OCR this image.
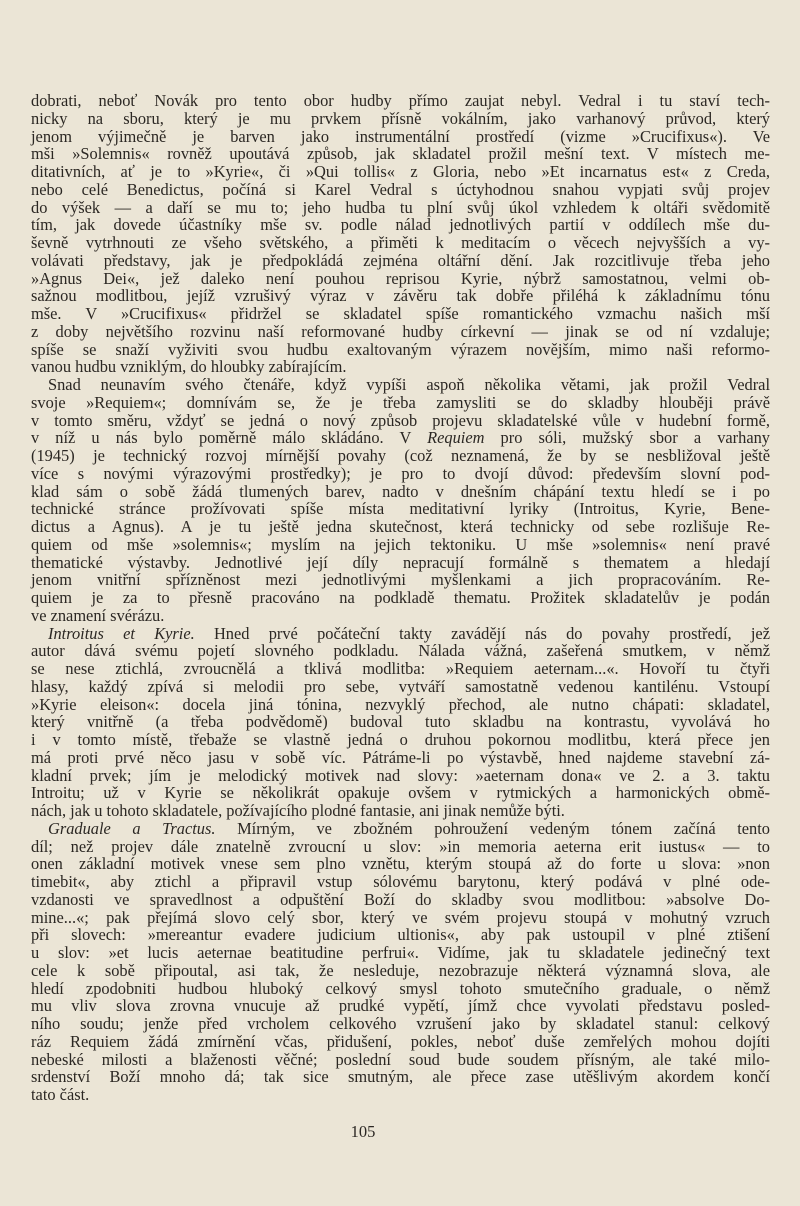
dobrati, neboť Novák pro tento obor hudby přímo zaujat nebyl. Vedral i tu staví tech-
nicky na sboru, který je mu prvkem přísně vokálním, jako varhanový průvod, který
jenom výjimečně je barven jako instrumentální prostředí (vizme »Crucifixus«). Ve
mši »Solemnis« rovněž upoutává způsob, jak skladatel prožil mešní text. V místech me-
ditativních, ať je to »Kyrie«, či »Qui tollis« z Gloria, nebo »Et incarnatus est« z Creda,
nebo celé Benedictus, počíná si Karel Vedral s úctyhodnou snahou vypjati svůj projev
do výšek — a daří se mu to; jeho hudba tu plní svůj úkol vzhledem k oltáři svědomitě
tím, jak dovede účastníky mše sv. podle nálad jednotlivých partií v oddílech mše du-
ševně vytrhnouti ze všeho světského, a přiměti k meditacím o věcech nejvyšších a vy-
volávati představy, jak je předpokládá zejména oltářní dění. Jak rozcitlivuje třeba jeho
»Agnus Dei«, jež daleko není pouhou reprisou Kyrie, nýbrž samostatnou, velmi ob-
sažnou modlitbou, jejíž vzrušivý výraz v závěru tak dobře přiléhá k základnímu tónu
mše. V »Crucifixus« přidržel se skladatel spíše romantického vzmachu našich mší
z doby největšího rozvinu naší reformované hudby církevní — jinak se od ní vzdaluje;
spíše se snaží vyživiti svou hudbu exaltovaným výrazem novějším, mimo naši reformo-
vanou hudbu vzniklým, do hloubky zabírajícím.
Snad neunavím svého čtenáře, když vypíši aspoň několika větami, jak prožil Vedral
svoje »Requiem«; domnívám se, že je třeba zamysliti se do skladby hlouběji právě
v tomto směru, vždyť se jedná o nový způsob projevu skladatelské vůle v hudební formě,
v níž u nás bylo poměrně málo skládáno. V Requiem pro sóli, mužský sbor a varhany
(1945) je technický rozvoj mírnější povahy (což neznamená, že by se nesbližoval ještě
více s novými výrazovými prostředky); je pro to dvojí důvod: především slovní pod-
klad sám o sobě žádá tlumených barev, nadto v dnešním chápání textu hledí se i po
technické stránce prožívovati spíše místa meditativní lyriky (Introitus, Kyrie, Bene-
dictus a Agnus). A je tu ještě jedna skutečnost, která technicky od sebe rozlišuje Re-
quiem od mše »solemnis«; myslím na jejich tektoniku. U mše »solemnis« není pravé
thematické výstavby. Jednotlivé její díly nepracují formálně s thematem a hledají
jenom vnitřní spřízněnost mezi jednotlivými myšlenkami a jich propracováním. Re-
quiem je za to přesně pracováno na podkladě thematu. Prožitek skladatelův je podán
ve znamení svérázu.
Introitus et Kyrie. Hned prvé počáteční takty zavádějí nás do povahy prostředí, jež
autor dává svému pojetí slovného podkladu. Nálada vážná, zašeřená smutkem, v němž
se nese ztichlá, zvroucnělá a tklivá modlitba: »Requiem aeternam...«. Hovoří tu čtyři
hlasy, každý zpívá si melodii pro sebe, vytváří samostatně vedenou kantilénu. Vstoupí
»Kyrie eleison«: docela jiná tónina, nezvyklý přechod, ale nutno chápati: skladatel,
který vnitřně (a třeba podvědomě) budoval tuto skladbu na kontrastu, vyvolává ho
i v tomto místě, třebaže se vlastně jedná o druhou pokornou modlitbu, která přece jen
má proti prvé něco jasu v sobě víc. Pátráme-li po výstavbě, hned najdeme stavební zá-
kladní prvek; jím je melodický motivek nad slovy: »aeternam dona« ve 2. a 3. taktu
Introitu; už v Kyrie se několikrát opakuje ovšem v rytmických a harmonických obmě-
nách, jak u tohoto skladatele, požívajícího plodné fantasie, ani jinak nemůže býti.
Graduale a Tractus. Mírným, ve zbožném pohroužení vedeným tónem začíná tento
díl; než projev dále znatelně zvroucní u slov: »in memoria aeterna erit iustus« — to
onen základní motivek vnese sem plno vznětu, kterým stoupá až do forte u slova: »non
timebit«, aby ztichl a připravil vstup sólovému barytonu, který podává v plné ode-
vzdanosti ve spravedlnost a odpuštění Boží do skladby svou modlitbou: »absolve Do-
mine...«; pak přejímá slovo celý sbor, který ve svém projevu stoupá v mohutný vzruch
při slovech: »mereantur evadere judicium ultionis«, aby pak ustoupil v plné ztišení
u slov: »et lucis aeternae beatitudine perfrui«. Vidíme, jak tu skladatele jedinečný text
cele k sobě připoutal, asi tak, že nesleduje, nezobrazuje některá významná slova, ale
hledí zpodobniti hudbou hluboký celkový smysl tohoto smutečního graduale, o němž
mu vliv slova zrovna vnucuje až prudké vypětí, jímž chce vyvolati představu posled-
ního soudu; jenže před vrcholem celkového vzrušení jako by skladatel stanul: celkový
ráz Requiem žádá zmírnění včas, přidušení, pokles, neboť duše zemřelých mohou dojíti
nebeské milosti a blaženosti věčné; poslední soud bude soudem přísným, ale také milo-
srdenství Boží mnoho dá; tak sice smutným, ale přece zase utěšlivým akordem končí
tato část.
105
